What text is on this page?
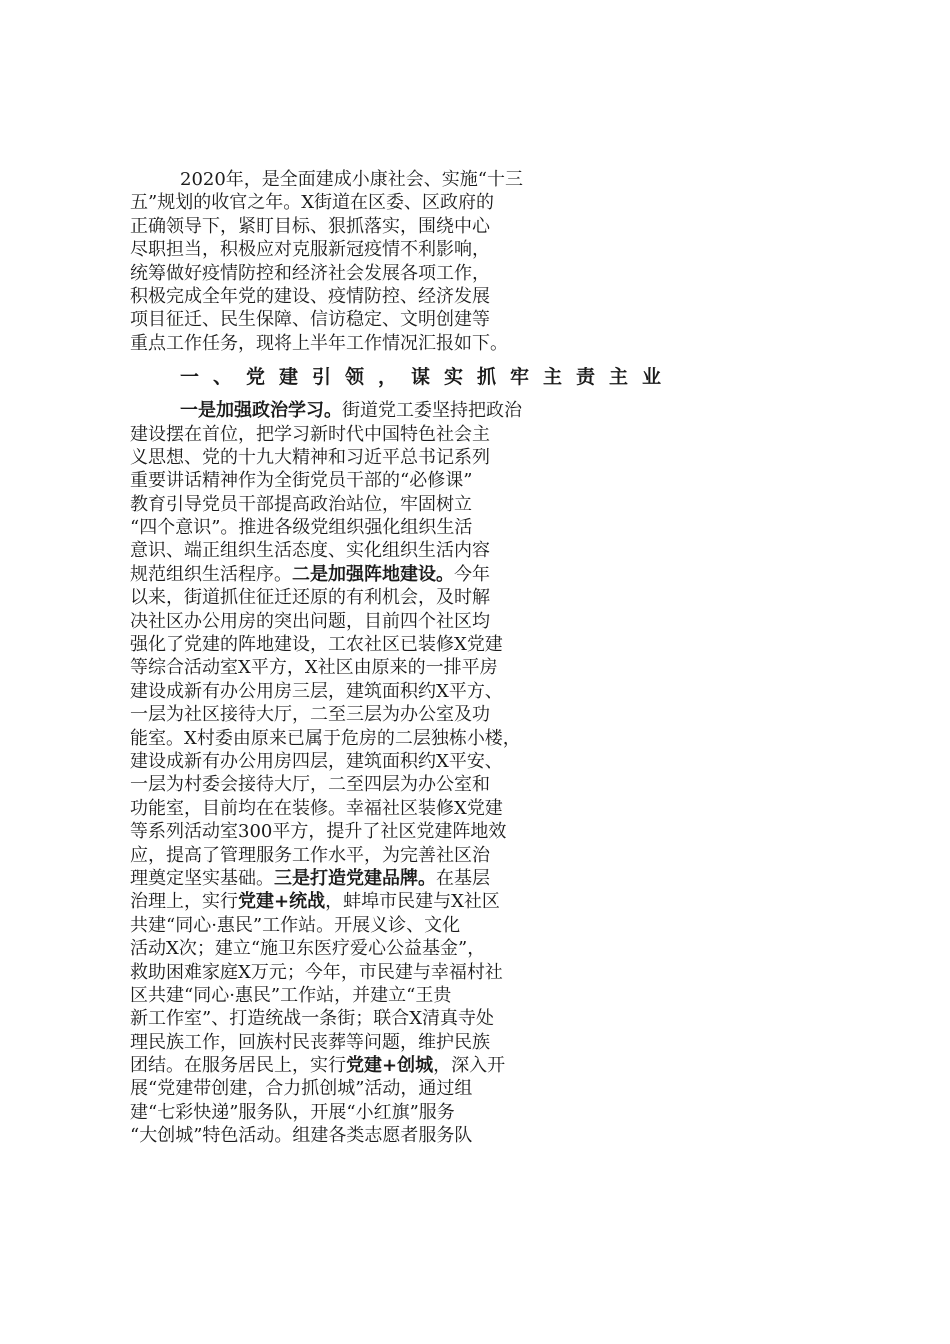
2020年，是全面建成小康社会、实施“十三
五”规划的收官之年。X街道在区委、区政府的
正确领导下，紧盯目标、狠抓落实，围绕中心
尽职担当，积极应对克服新冠疫情不利影响，
统筹做好疫情防控和经济社会发展各项工作，
积极完成全年党的建设、疫情防控、经济发展
项目征迁、民生保障、信访稳定、文明创建等
重点工作任务，现将上半年工作情况汇报如下。
一、党建引领，谋实抓牢主责主业
一是加强政治学习。街道党工委坚持把政治
建设摆在首位，把学习新时代中国特色社会主
义思想、党的十九大精神和习近平总书记系列
重要讲话精神作为全街党员干部的“必修课”
教育引导党员干部提高政治站位，牢固树立
“四个意识”。推进各级党组织强化组织生活
意识、端正组织生活态度、实化组织生活内容
规范组织生活程序。二是加强阵地建设。今年
以来，街道抓住征迁还原的有利机会，及时解
决社区办公用房的突出问题，目前四个社区均
强化了党建的阵地建设，工农社区已装修X党建
等综合活动室X平方，X社区由原来的一排平房
建设成新有办公用房三层，建筑面积约X平方、
一层为社区接待大厅，二至三层为办公室及功
能室。X村委由原来已属于危房的二层独栋小楼，
建设成新有办公用房四层，建筑面积约X平安、
一层为村委会接待大厅，二至四层为办公室和
功能室，目前均在在装修。幸福社区装修X党建
等系列活动室300平方，提升了社区党建阵地效
应，提高了管理服务工作水平，为完善社区治
理奠定坚实基础。三是打造党建品牌。在基层
治理上，实行党建+统战，蚌埠市民建与X社区
共建“同心·惠民”工作站。开展义诊、文化
活动X次；建立“施卫东医疗爱心公益基金”，
救助困难家庭X万元；今年，市民建与幸福村社
区共建“同心·惠民”工作站，并建立“王贵
新工作室”、打造统战一条街；联合X清真寺处
理民族工作，回族村民丧葬等问题，维护民族
团结。在服务居民上，实行党建+创城，深入开
展“党建带创建，合力抓创城”活动，通过组
建“七彩快递”服务队，开展“小红旗”服务
“大创城”特色活动。组建各类志愿者服务队
